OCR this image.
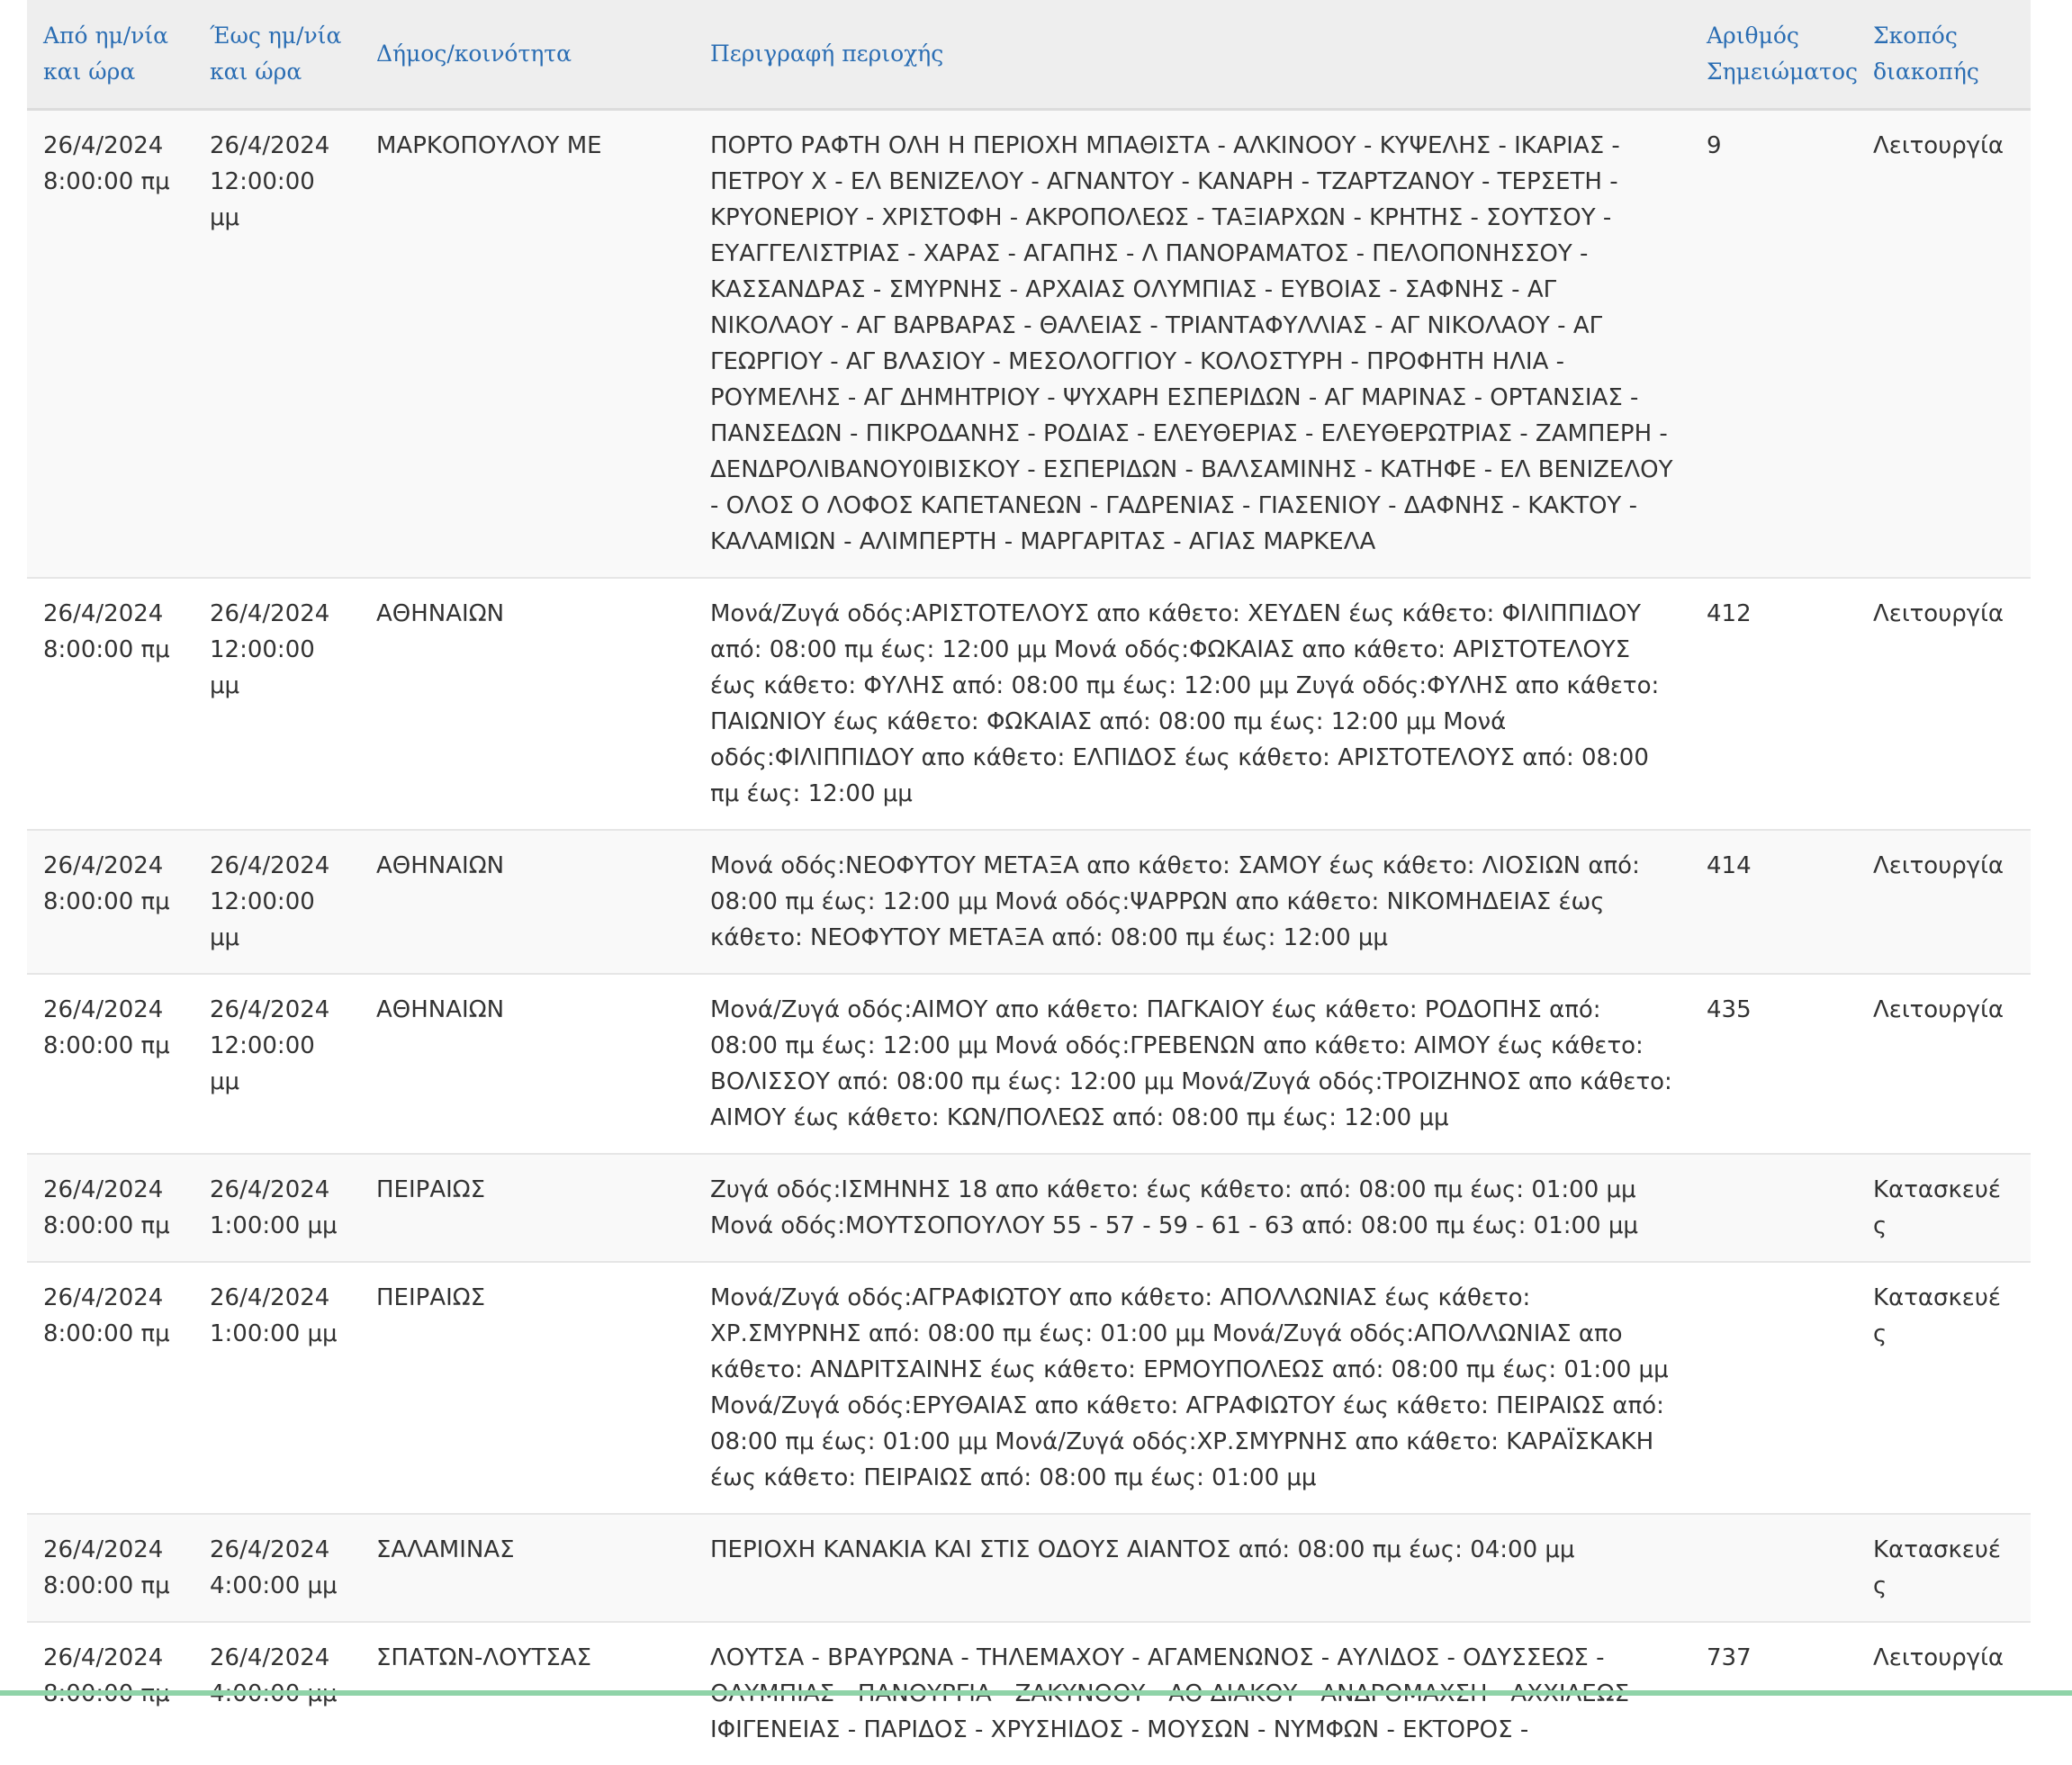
Από ημ/νία και ώρα	Έως ημ/νία και ώρα	Δήμος/κοινότητα	Περιγραφή περιοχής	Αριθμός Σημειώματος	Σκοπός διακοπής
26/4/2024 8:00:00 πμ	26/4/2024 12:00:00 μμ	ΜΑΡΚΟΠΟΥΛΟΥ ΜΕ	ΠΟΡΤΟ ΡΑΦΤΗ ΟΛΗ Η ΠΕΡΙΟΧΗ ΜΠΑΘΙΣΤΑ - ΑΛΚΙΝΟΟΥ - ΚΥΨΕΛΗΣ - ΙΚΑΡΙΑΣ - ΠΕΤΡΟΥ Χ - ΕΛ ΒΕΝΙΖΕΛΟΥ - ΑΓΝΑΝΤΟΥ - ΚΑΝΑΡΗ - ΤΖΑΡΤΖΑΝΟΥ - ΤΕΡΣΕΤΗ - ΚΡΥΟΝΕΡΙΟΥ - ΧΡΙΣΤΟΦΗ - ΑΚΡΟΠΟΛΕΩΣ - ΤΑΞΙΑΡΧΩΝ - ΚΡΗΤΗΣ - ΣΟΥΤΣΟΥ - ΕΥΑΓΓΕΛΙΣΤΡΙΑΣ - ΧΑΡΑΣ - ΑΓΑΠΗΣ - Λ ΠΑΝΟΡΑΜΑΤΟΣ - ΠΕΛΟΠΟΝΗΣΣΟΥ - ΚΑΣΣΑΝΔΡΑΣ - ΣΜΥΡΝΗΣ - ΑΡΧΑΙΑΣ ΟΛΥΜΠΙΑΣ - ΕΥΒΟΙΑΣ - ΣΑΦΝΗΣ - ΑΓ ΝΙΚΟΛΑΟΥ - ΑΓ ΒΑΡΒΑΡΑΣ - ΘΑΛΕΙΑΣ - ΤΡΙΑΝΤΑΦΥΛΛΙΑΣ - ΑΓ ΝΙΚΟΛΑΟΥ - ΑΓ ΓΕΩΡΓΙΟΥ - ΑΓ ΒΛΑΣΙΟΥ - ΜΕΣΟΛΟΓΓΙΟΥ - ΚΟΛΟΣΤΥΡΗ - ΠΡΟΦΗΤΗ ΗΛΙΑ - ΡΟΥΜΕΛΗΣ - ΑΓ ΔΗΜΗΤΡΙΟΥ - ΨΥΧΑΡΗ ΕΣΠΕΡΙΔΩΝ - ΑΓ ΜΑΡΙΝΑΣ - ΟΡΤΑΝΣΙΑΣ - ΠΑΝΣΕΔΩΝ - ΠΙΚΡΟΔΑΝΗΣ - ΡΟΔΙΑΣ - ΕΛΕΥΘΕΡΙΑΣ - ΕΛΕΥΘΕΡΩΤΡΙΑΣ - ΖΑΜΠΕΡΗ - ΔΕΝΔΡΟΛΙΒΑΝΟΥ0ΙΒΙΣΚΟΥ - ΕΣΠΕΡΙΔΩΝ - ΒΑΛΣΑΜΙΝΗΣ - ΚΑΤΗΦΕ - ΕΛ ΒΕΝΙΖΕΛΟΥ - ΟΛΟΣ Ο ΛΟΦΟΣ ΚΑΠΕΤΑΝΕΩΝ - ΓΑΔΡΕΝΙΑΣ - ΓΙΑΣΕΝΙΟΥ - ΔΑΦΝΗΣ - ΚΑΚΤΟΥ - ΚΑΛΑΜΙΩΝ - ΑΛΙΜΠΕΡΤΗ - ΜΑΡΓΑΡΙΤΑΣ - ΑΓΙΑΣ ΜΑΡΚΕΛΑ	9	Λειτουργία
26/4/2024 8:00:00 πμ	26/4/2024 12:00:00 μμ	ΑΘΗΝΑΙΩΝ	Μονά/Ζυγά οδός:ΑΡΙΣΤΟΤΕΛΟΥΣ απο κάθετο: ΧΕΥΔΕΝ έως κάθετο: ΦΙΛΙΠΠΙΔΟΥ από: 08:00 πμ έως: 12:00 μμ Μονά οδός:ΦΩΚΑΙΑΣ απο κάθετο: ΑΡΙΣΤΟΤΕΛΟΥΣ έως κάθετο: ΦΥΛΗΣ από: 08:00 πμ έως: 12:00 μμ Ζυγά οδός:ΦΥΛΗΣ απο κάθετο: ΠΑΙΩΝΙΟΥ έως κάθετο: ΦΩΚΑΙΑΣ από: 08:00 πμ έως: 12:00 μμ Μονά οδός:ΦΙΛΙΠΠΙΔΟΥ απο κάθετο: ΕΛΠΙΔΟΣ έως κάθετο: ΑΡΙΣΤΟΤΕΛΟΥΣ από: 08:00 πμ έως: 12:00 μμ	412	Λειτουργία
26/4/2024 8:00:00 πμ	26/4/2024 12:00:00 μμ	ΑΘΗΝΑΙΩΝ	Μονά οδός:ΝΕΟΦΥΤΟΥ ΜΕΤΑΞΑ απο κάθετο: ΣΑΜΟΥ έως κάθετο: ΛΙΟΣΙΩΝ από: 08:00 πμ έως: 12:00 μμ Μονά οδός:ΨΑΡΡΩΝ απο κάθετο: ΝΙΚΟΜΗΔΕΙΑΣ έως κάθετο: ΝΕΟΦΥΤΟΥ ΜΕΤΑΞΑ από: 08:00 πμ έως: 12:00 μμ	414	Λειτουργία
26/4/2024 8:00:00 πμ	26/4/2024 12:00:00 μμ	ΑΘΗΝΑΙΩΝ	Μονά/Ζυγά οδός:ΑΙΜΟΥ απο κάθετο: ΠΑΓΚΑΙΟΥ έως κάθετο: ΡΟΔΟΠΗΣ από: 08:00 πμ έως: 12:00 μμ Μονά οδός:ΓΡΕΒΕΝΩΝ απο κάθετο: ΑΙΜΟΥ έως κάθετο: ΒΟΛΙΣΣΟΥ από: 08:00 πμ έως: 12:00 μμ Μονά/Ζυγά οδός:ΤΡΟΙΖΗΝΟΣ απο κάθετο: ΑΙΜΟΥ έως κάθετο: ΚΩΝ/ΠΟΛΕΩΣ από: 08:00 πμ έως: 12:00 μμ	435	Λειτουργία
26/4/2024 8:00:00 πμ	26/4/2024 1:00:00 μμ	ΠΕΙΡΑΙΩΣ	Ζυγά οδός:ΙΣΜΗΝΗΣ 18 απο κάθετο: έως κάθετο: από: 08:00 πμ έως: 01:00 μμ Μονά οδός:ΜΟΥΤΣΟΠΟΥΛΟΥ 55 - 57 - 59 - 61 - 63 από: 08:00 πμ έως: 01:00 μμ		Κατασκευές
26/4/2024 8:00:00 πμ	26/4/2024 1:00:00 μμ	ΠΕΙΡΑΙΩΣ	Μονά/Ζυγά οδός:ΑΓΡΑΦΙΩΤΟΥ απο κάθετο: ΑΠΟΛΛΩΝΙΑΣ έως κάθετο: ΧΡ.ΣΜΥΡΝΗΣ από: 08:00 πμ έως: 01:00 μμ Μονά/Ζυγά οδός:ΑΠΟΛΛΩΝΙΑΣ απο κάθετο: ΑΝΔΡΙΤΣΑΙΝΗΣ έως κάθετο: ΕΡΜΟΥΠΟΛΕΩΣ από: 08:00 πμ έως: 01:00 μμ Μονά/Ζυγά οδός:ΕΡΥΘΑΙΑΣ απο κάθετο: ΑΓΡΑΦΙΩΤΟΥ έως κάθετο: ΠΕΙΡΑΙΩΣ από: 08:00 πμ έως: 01:00 μμ Μονά/Ζυγά οδός:ΧΡ.ΣΜΥΡΝΗΣ απο κάθετο: ΚΑΡΑΪΣΚΑΚΗ έως κάθετο: ΠΕΙΡΑΙΩΣ από: 08:00 πμ έως: 01:00 μμ		Κατασκευές
26/4/2024 8:00:00 πμ	26/4/2024 4:00:00 μμ	ΣΑΛΑΜΙΝΑΣ	ΠΕΡΙΟΧΗ ΚΑΝΑΚΙΑ ΚΑΙ ΣΤΙΣ ΟΔΟΥΣ ΑΙΑΝΤΟΣ από: 08:00 πμ έως: 04:00 μμ		Κατασκευές
26/4/2024	26/4/2024	ΣΠΑΤΩΝ-ΛΟΥΤΣΑΣ	ΛΟΥΤΣΑ - ΒΡΑΥΡΩΝΑ - ΤΗΛΕΜΑΧΟΥ - ΑΓΑΜΕΝΩΝΟΣ - ΑΥΛΙΔΟΣ - ΟΔΥΣΣΕΩΣ - ΙΦΙΓΕΝΕΙΑΣ - ΠΑΡΙΔΟΣ - ΧΡΥΣΗΙΔΟΣ - ΜΟΥΣΩΝ - ΝΥΜΦΩΝ - ΕΚΤΟΡΟΣ -	737	Λειτουργία
